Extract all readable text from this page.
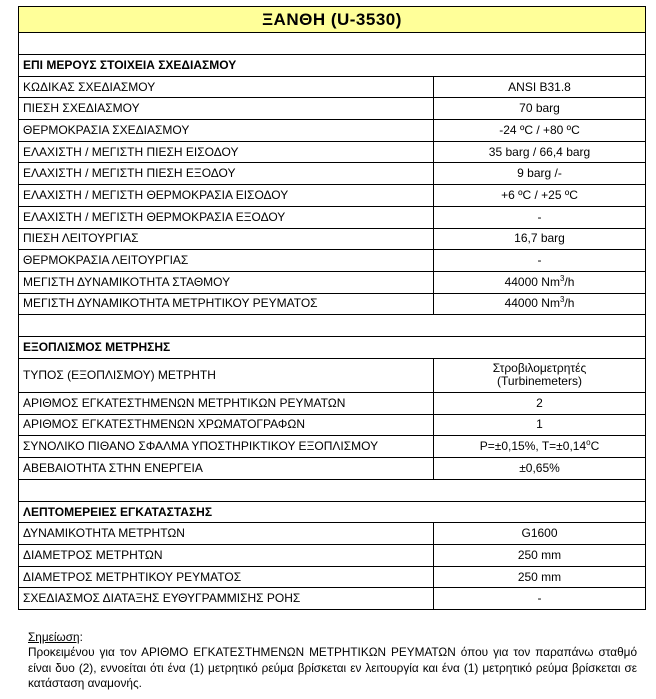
ΞΑΝΘΗ (U-3530)	

ΕΠΙ ΜΕΡΟΥΣ ΣΤΟΙΧΕΙΑ ΣΧΕΔΙΑΣΜΟΥ	
ΚΩΔΙΚΑΣ ΣΧΕΔΙΑΣΜΟΥ	ANSI B31.8
ΠΙΕΣΗ ΣΧΕΔΙΑΣΜΟΥ	70 barg
ΘΕΡΜΟΚΡΑΣΙΑ ΣΧΕΔΙΑΣΜΟΥ	-24 ºC / +80 ºC
ΕΛΑΧΙΣΤΗ / ΜΕΓΙΣΤΗ ΠΙΕΣΗ ΕΙΣΟΔΟΥ	35 barg / 66,4 barg
ΕΛΑΧΙΣΤΗ / ΜΕΓΙΣΤΗ ΠΙΕΣΗ ΕΞΟΔΟΥ	9 barg /-
ΕΛΑΧΙΣΤΗ / ΜΕΓΙΣΤΗ ΘΕΡΜΟΚΡΑΣΙΑ ΕΙΣΟΔΟΥ	+6 ºC / +25 ºC
ΕΛΑΧΙΣΤΗ / ΜΕΓΙΣΤΗ ΘΕΡΜΟΚΡΑΣΙΑ ΕΞΟΔΟΥ	-
ΠΙΕΣΗ ΛΕΙΤΟΥΡΓΙΑΣ	16,7 barg
ΘΕΡΜΟΚΡΑΣΙΑ ΛΕΙΤΟΥΡΓΙΑΣ	-
ΜΕΓΙΣΤΗ ΔΥΝΑΜΙΚΟΤΗΤΑ ΣΤΑΘΜΟΥ	44000 Nm$^3$/h
ΜΕΓΙΣΤΗ ΔΥΝΑΜΙΚΟΤΗΤΑ ΜΕΤΡΗΤΙΚΟΥ ΡΕΥΜΑΤΟΣ	44000 Nm$^3$/h

ΕΞΟΠΛΙΣΜΟΣ ΜΕΤΡΗΣΗΣ	
ΤΥΠΟΣ (ΕΞΟΠΛΙΣΜΟΥ) ΜΕΤΡΗΤΗ	Στροβιλομετρητές
(Turbinemeters)

ΑΡΙΘΜΟΣ ΕΓΚΑΤΕΣΤΗΜΕΝΩΝ ΜΕΤΡΗΤΙΚΩΝ ΡΕΥΜΑΤΩΝ	2
ΑΡΙΘΜΟΣ ΕΓΚΑΤΕΣΤΗΜΕΝΩΝ ΧΡΩΜΑΤΟΓΡΑΦΩΝ	1
ΣΥΝΟΛΙΚΟ ΠΙΘΑΝΟ ΣΦΑΛΜΑ ΥΠΟΣΤΗΡΙΚΤΙΚΟΥ ΕΞΟΠΛΙΣΜΟΥ	P=±0,15%, $T=\pm 0,14^oC$
ΑΒΕΒΑΙΟΤΗΤΑ ΣΤΗΝ ΕΝΕΡΓΕΙΑ	±0,65%

ΛΕΠΤΟΜΕΡΕΙΕΣ ΕΓΚΑΤΑΣΤΑΣΗΣ	
ΔΥΝΑΜΙΚΟΤΗΤΑ ΜΕΤΡΗΤΩΝ	G1600
ΔΙΑΜΕΤΡΟΣ ΜΕΤΡΗΤΩΝ	250 mm
ΔΙΑΜΕΤΡΟΣ ΜΕΤΡΗΤΙΚΟΥ ΡΕΥΜΑΤΟΣ	250 mm
ΣΧΕΔΙΑΣΜΟΣ ΔΙΑΤΑΞΗΣ ΕΥΘΥΓΡΑΜΜΙΣΗΣ ΡΟΗΣ	-
Σημείωση:
Προκειμένου για τον ΑΡΙΘΜΟ ΕΓΚΑΤΕΣΤΗΜΕΝΩΝ ΜΕΤΡΗΤΙΚΩΝ ΡΕΥΜΑΤΩΝ όπου για τον παραπάνω σταθμό είναι δυο (2), εννοείται ότι ένα (1) μετρητικό ρεύμα βρίσκεται εν λειτουργία και ένα (1) μετρητικό ρεύμα βρίσκεται σε κατάσταση αναμονής.
